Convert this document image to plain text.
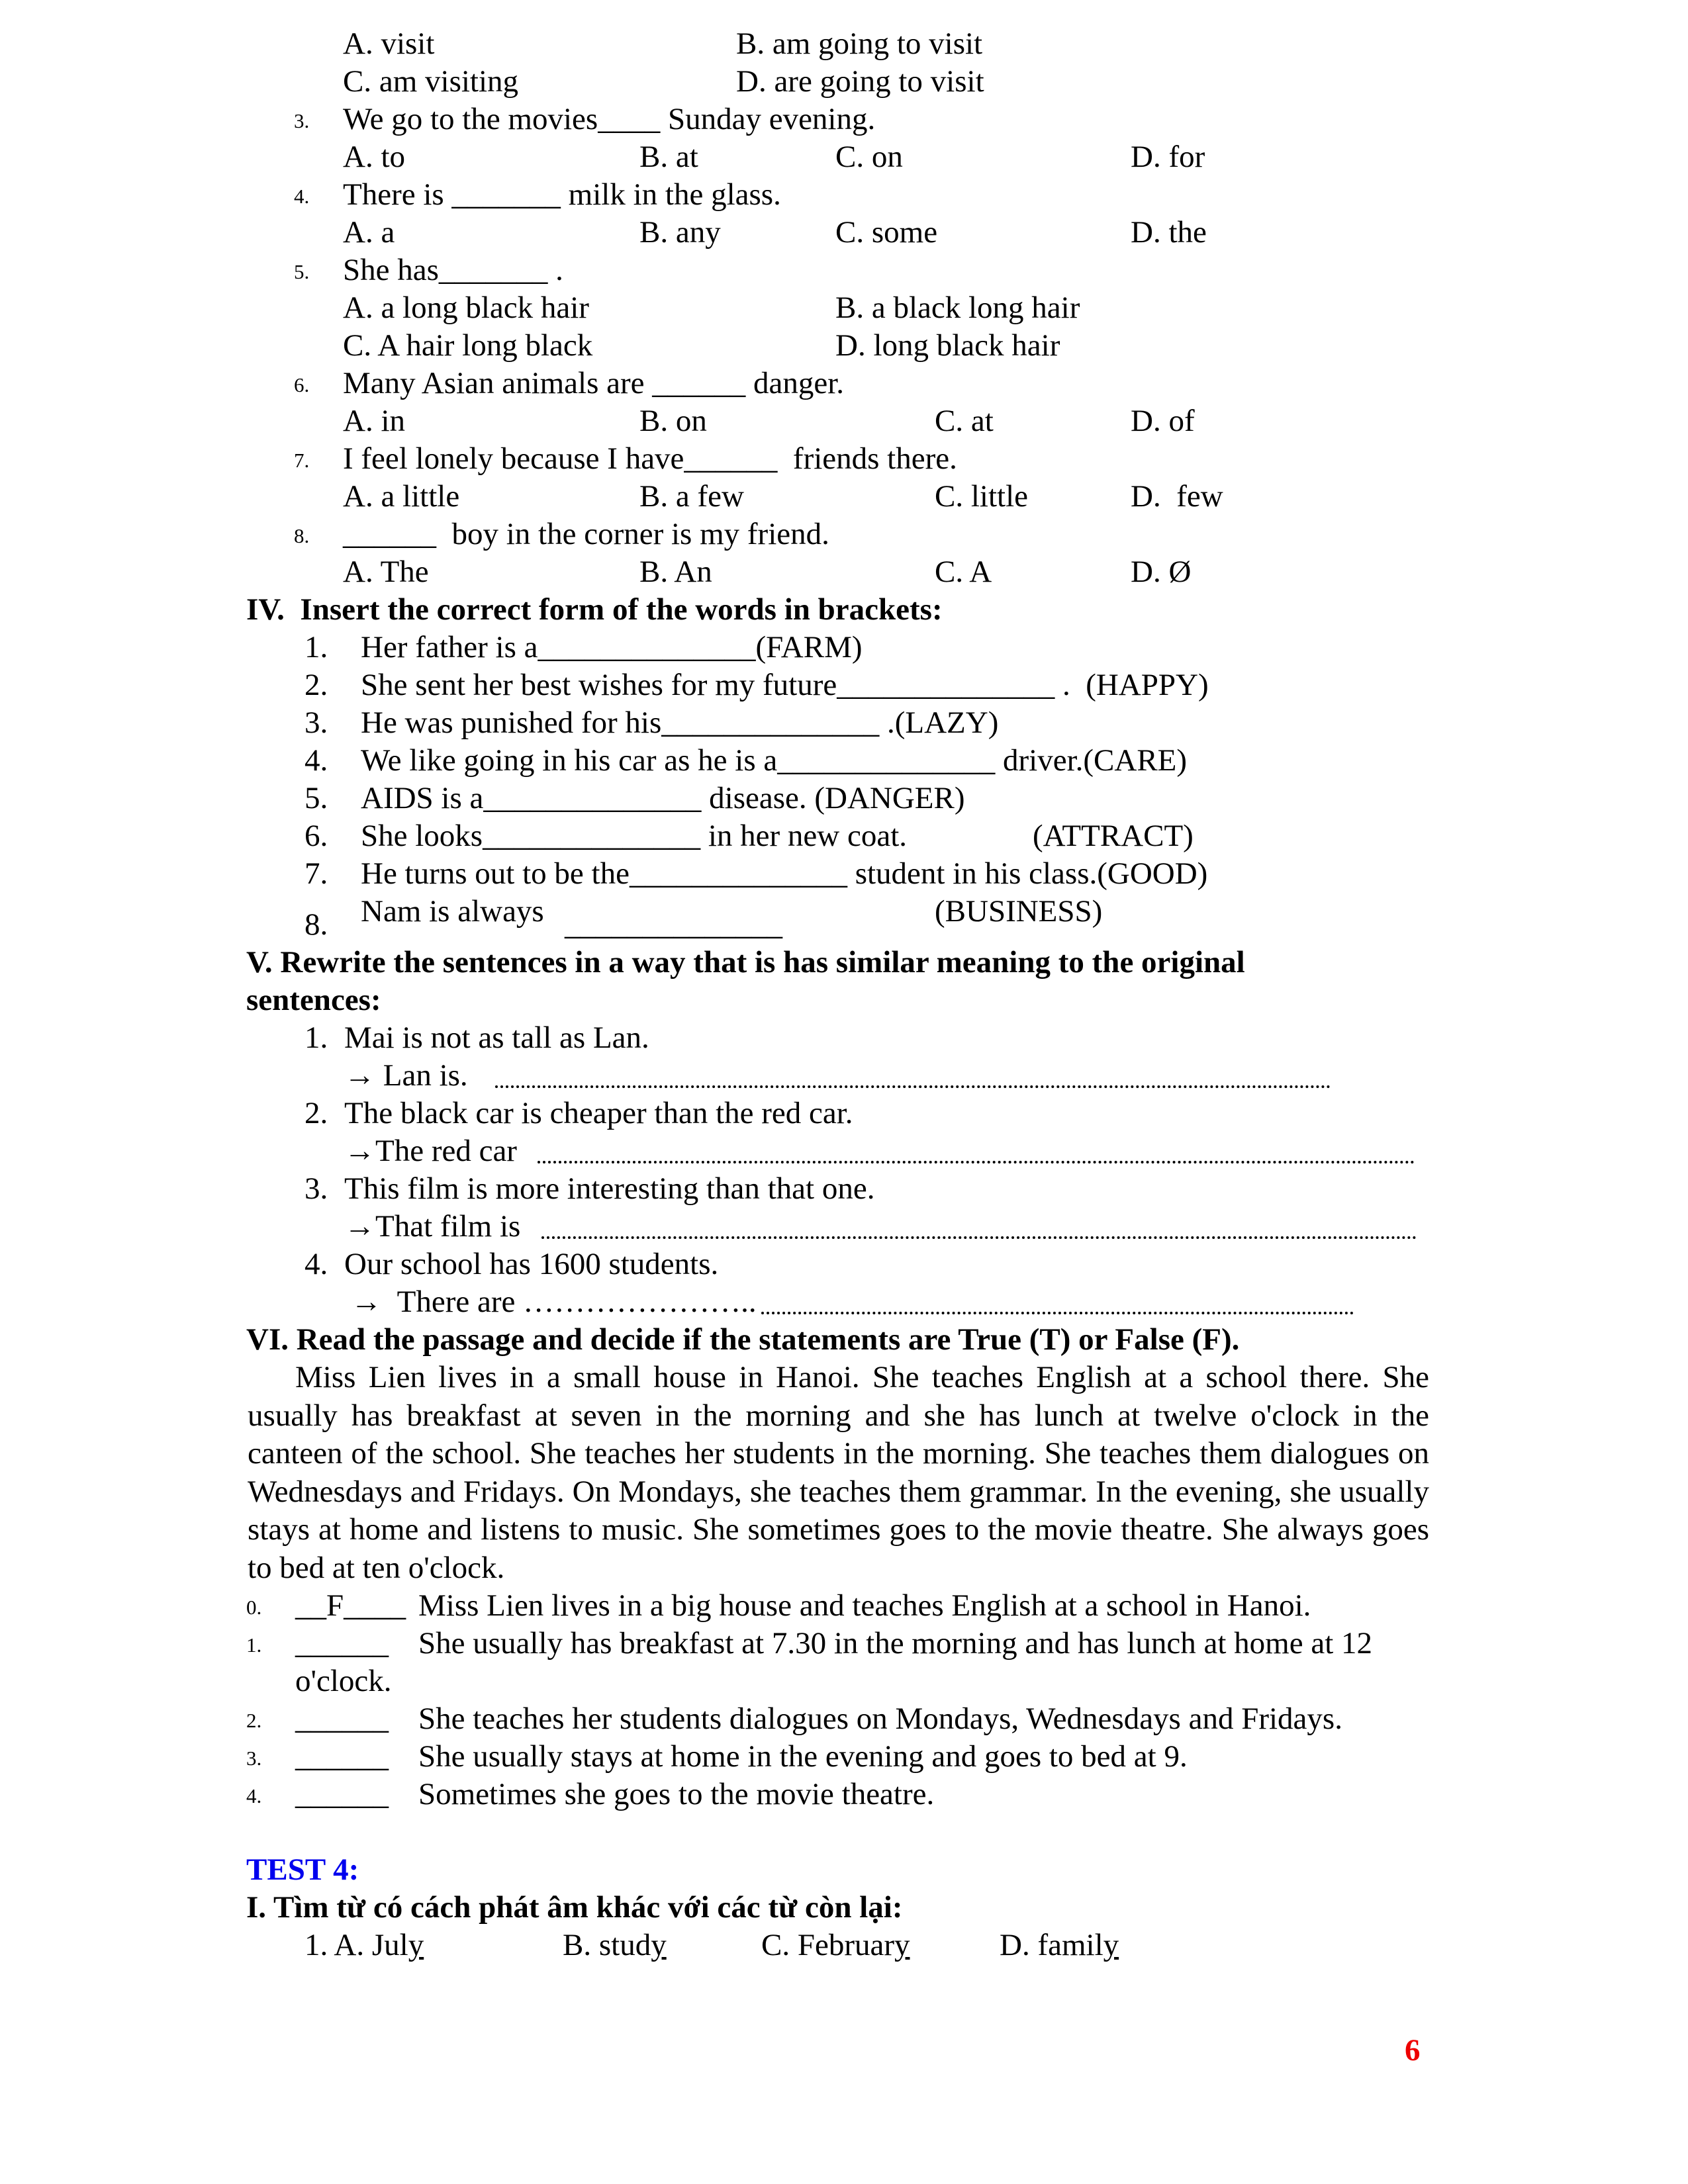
A. visit	B. am going to visit
C. am visiting	D. are going to visit
3. We go to the movies____ Sunday evening.
A. to	B. at	C. on	D. for
4. There is _______ milk in the glass.
A. a	B. any	C. some	D. the
5. She has_______ .
A. a long black hair	B. a black long hair
C. A hair long black	D. long black hair
6. Many Asian animals are ______ danger.
A. in	B. on	C. at	D. of
7. I feel lonely because I have______  friends there.
A. a little	B. a few	C. little	D.  few
8. ______  boy in the corner is my friend.
A. The	B. An	C. A	D. Ø
IV.  Insert the correct form of the words in brackets:
1. Her father is a______________(FARM)
2. She sent her best wishes for my future______________ .  (HAPPY)
3. He was punished for his______________ .(LAZY)
4. We like going in his car as he is a______________ driver.(CARE)
5. AIDS is a______________ disease. (DANGER)
6. She looks______________ in her new coat.	(ATTRACT)
7. He turns out to be the______________ student in his class.(GOOD)
8. Nam is always ______________	(BUSINESS)
V. Rewrite the sentences in a way that is has similar meaning to the original
sentences:
1. Mai is not as tall as Lan.
→ Lan is.
2. The black car is cheaper than the red car.
→The red car
3. This film is more interesting than that one.
→That film is
4. Our school has 1600 students.
→  There are …………………..
VI. Read the passage and decide if the statements are True (T) or False (F).
Miss Lien lives in a small house in Hanoi. She teaches English at a school there. She usually has breakfast at seven in the morning and she has lunch at twelve o'clock in the canteen of the school. She teaches her students in the morning. She teaches them dialogues on Wednesdays and Fridays. On Mondays, she teaches them grammar. In the evening, she usually stays at home and listens to music. She sometimes goes to the movie theatre. She always goes to bed at ten o'clock.
0. __F____ Miss Lien lives in a big house and teaches English at a school in Hanoi.
1. ______ She usually has breakfast at 7.30 in the morning and has lunch at home at 12
o'clock.
2. ______ She teaches her students dialogues on Mondays, Wednesdays and Fridays.
3. ______ She usually stays at home in the evening and goes to bed at 9.
4. ______ Sometimes she goes to the movie theatre.
TEST 4:
I. Tìm từ có cách phát âm khác với các từ còn lại:
1. A. July	B. study	C. February	D. family
6
